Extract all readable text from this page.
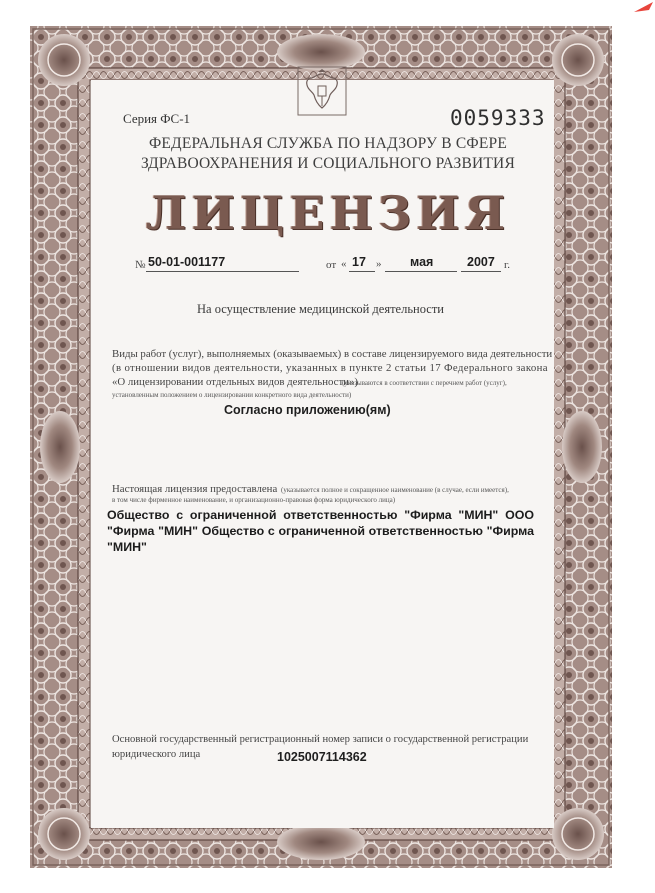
Серия ФС-1	0059333
ФЕДЕРАЛЬНАЯ СЛУЖБА ПО НАДЗОРУ В СФЕРЕ
ЗДРАВООХРАНЕНИЯ И СОЦИАЛЬНОГО РАЗВИТИЯ
ЛИЦЕНЗИЯ
№ 50-01-001177	от « 17 » мая	2007 г.
На осуществление медицинской деятельности
Виды работ (услуг), выполняемых (оказываемых) в составе лицензируемого вида деятельности
(в отношении видов деятельности, указанных в пункте 2 статьи 17 Федерального закона
«О лицензировании отдельных видов деятельности»)
(указываются в соответствии с перечнем работ (услуг),
установленным положением о лицензировании конкретного вида деятельности)
Согласно приложению(ям)
Настоящая лицензия предоставлена (указывается полное и сокращенное наименование (в случае, если имеется),
в том числе фирменное наименование, и организационно-правовая форма юридического лица)
Общество с ограниченной ответственностью "Фирма "МИН" ООО "Фирма "МИН" Общество с ограниченной ответственностью "Фирма "МИН"
Основной государственный регистрационный номер записи о государственной регистрации
юридического лица	1025007114362
